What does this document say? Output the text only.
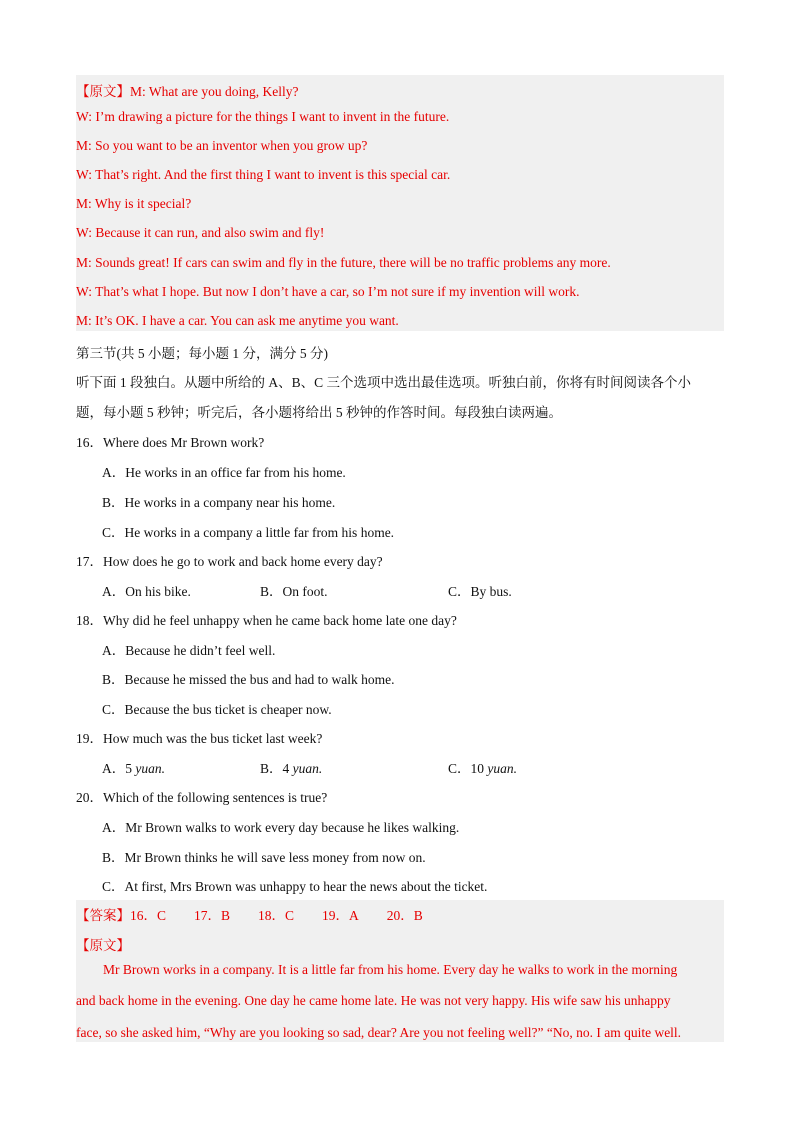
【原文】M: What are you doing, Kelly?
W: I’m drawing a picture for the things I want to invent in the future.
M: So you want to be an inventor when you grow up?
W: That’s right. And the first thing I want to invent is this special car.
M: Why is it special?
W: Because it can run, and also swim and fly!
M: Sounds great! If cars can swim and fly in the future, there will be no traffic problems any more.
W: That’s what I hope. But now I don’t have a car, so I’m not sure if my invention will work.
M: It’s OK. I have a car. You can ask me anytime you want.
第三节(共 5 小题；每小题 1 分，满分 5 分)
听下面 1 段独白。从题中所给的 A、B、C 三个选项中选出最佳选项。听独白前，你将有时间阅读各个小
题，每小题 5 秒钟；听完后，各小题将给出 5 秒钟的作答时间。每段独白读两遍。
16．Where does Mr Brown work?
A．He works in an office far from his home.
B．He works in a company near his home.
C．He works in a company a little far from his home.
17．How does he go to work and back home every day?
A．On his bike.	B．On foot.	C．By bus.
18．Why did he feel unhappy when he came back home late one day?
A．Because he didn’t feel well.
B．Because he missed the bus and had to walk home.
C．Because the bus ticket is cheaper now.
19．How much was the bus ticket last week?
A．5 yuan.	B．4 yuan.	C．10 yuan.
20．Which of the following sentences is true?
A．Mr Brown walks to work every day because he likes walking.
B．Mr Brown thinks he will save less money from now on.
C．At first, Mrs Brown was unhappy to hear the news about the ticket.
【答案】16．C 17．B 18．C 19．A 20．B
【原文】
Mr Brown works in a company. It is a little far from his home. Every day he walks to work in the morning
and back home in the evening. One day he came home late. He was not very happy. His wife saw his unhappy
face, so she asked him, “Why are you looking so sad, dear? Are you not feeling well?” “No, no. I am quite well.
